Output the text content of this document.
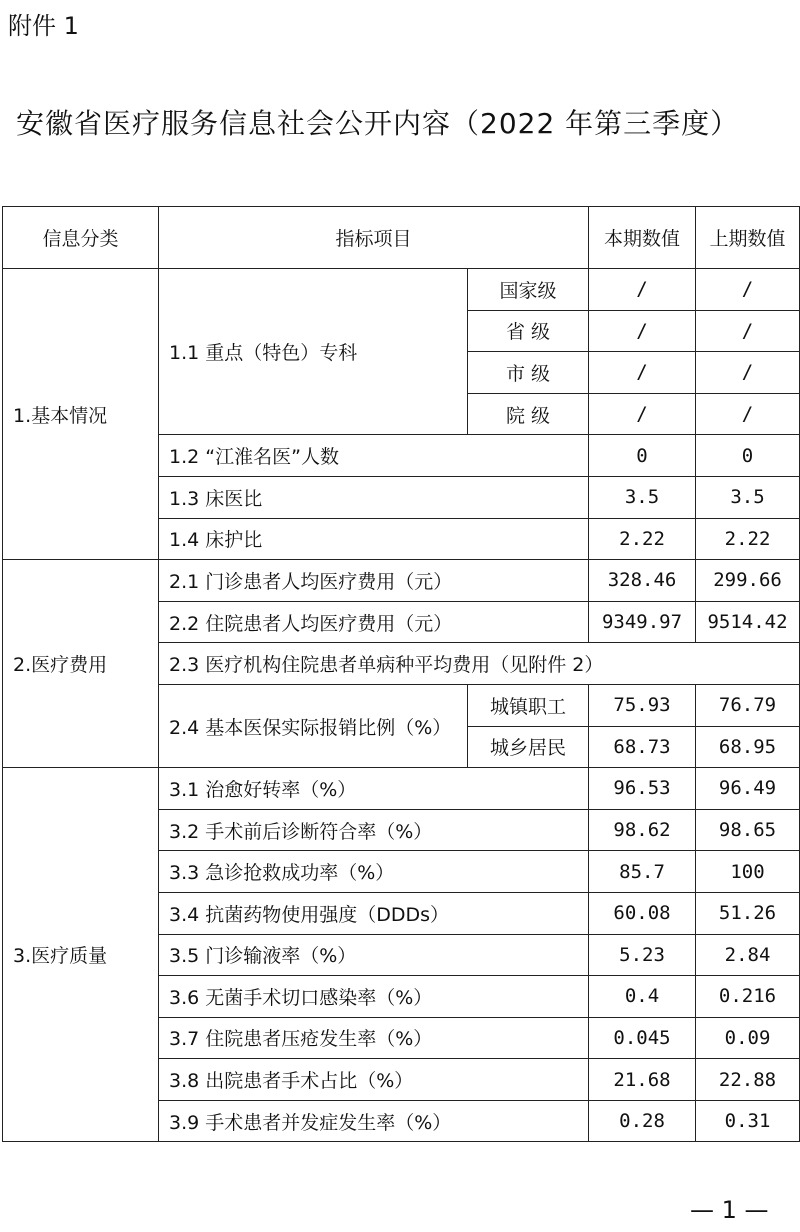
附件 1
安徽省医疗服务信息社会公开内容（2022 年第三季度）
信息分类	指标项目		本期数值	上期数值
1.基本情况	1.1 重点（特色）专科	国家级	/	/
		省 级	/	/
		市 级	/	/
		院 级	/	/
	1.2 “江淮名医”人数		0	0
	1.3 床医比		3.5	3.5
	1.4 床护比		2.22	2.22
2.医疗费用	2.1 门诊患者人均医疗费用（元）		328.46	299.66
	2.2 住院患者人均医疗费用（元）		9349.97	9514.42
	2.3 医疗机构住院患者单病种平均费用（见附件 2）			
	2.4 基本医保实际报销比例（%）	城镇职工	75.93	76.79
		城乡居民	68.73	68.95
3.医疗质量	3.1 治愈好转率（%）		96.53	96.49
	3.2 手术前后诊断符合率（%）		98.62	98.65
	3.3 急诊抢救成功率（%）		85.7	100
	3.4 抗菌药物使用强度（DDDs）		60.08	51.26
	3.5 门诊输液率（%）		5.23	2.84
	3.6 无菌手术切口感染率（%）		0.4	0.216
	3.7 住院患者压疮发生率（%）		0.045	0.09
	3.8 出院患者手术占比（%）		21.68	22.88
	3.9 手术患者并发症发生率（%）		0.28	0.31
— 1 —
